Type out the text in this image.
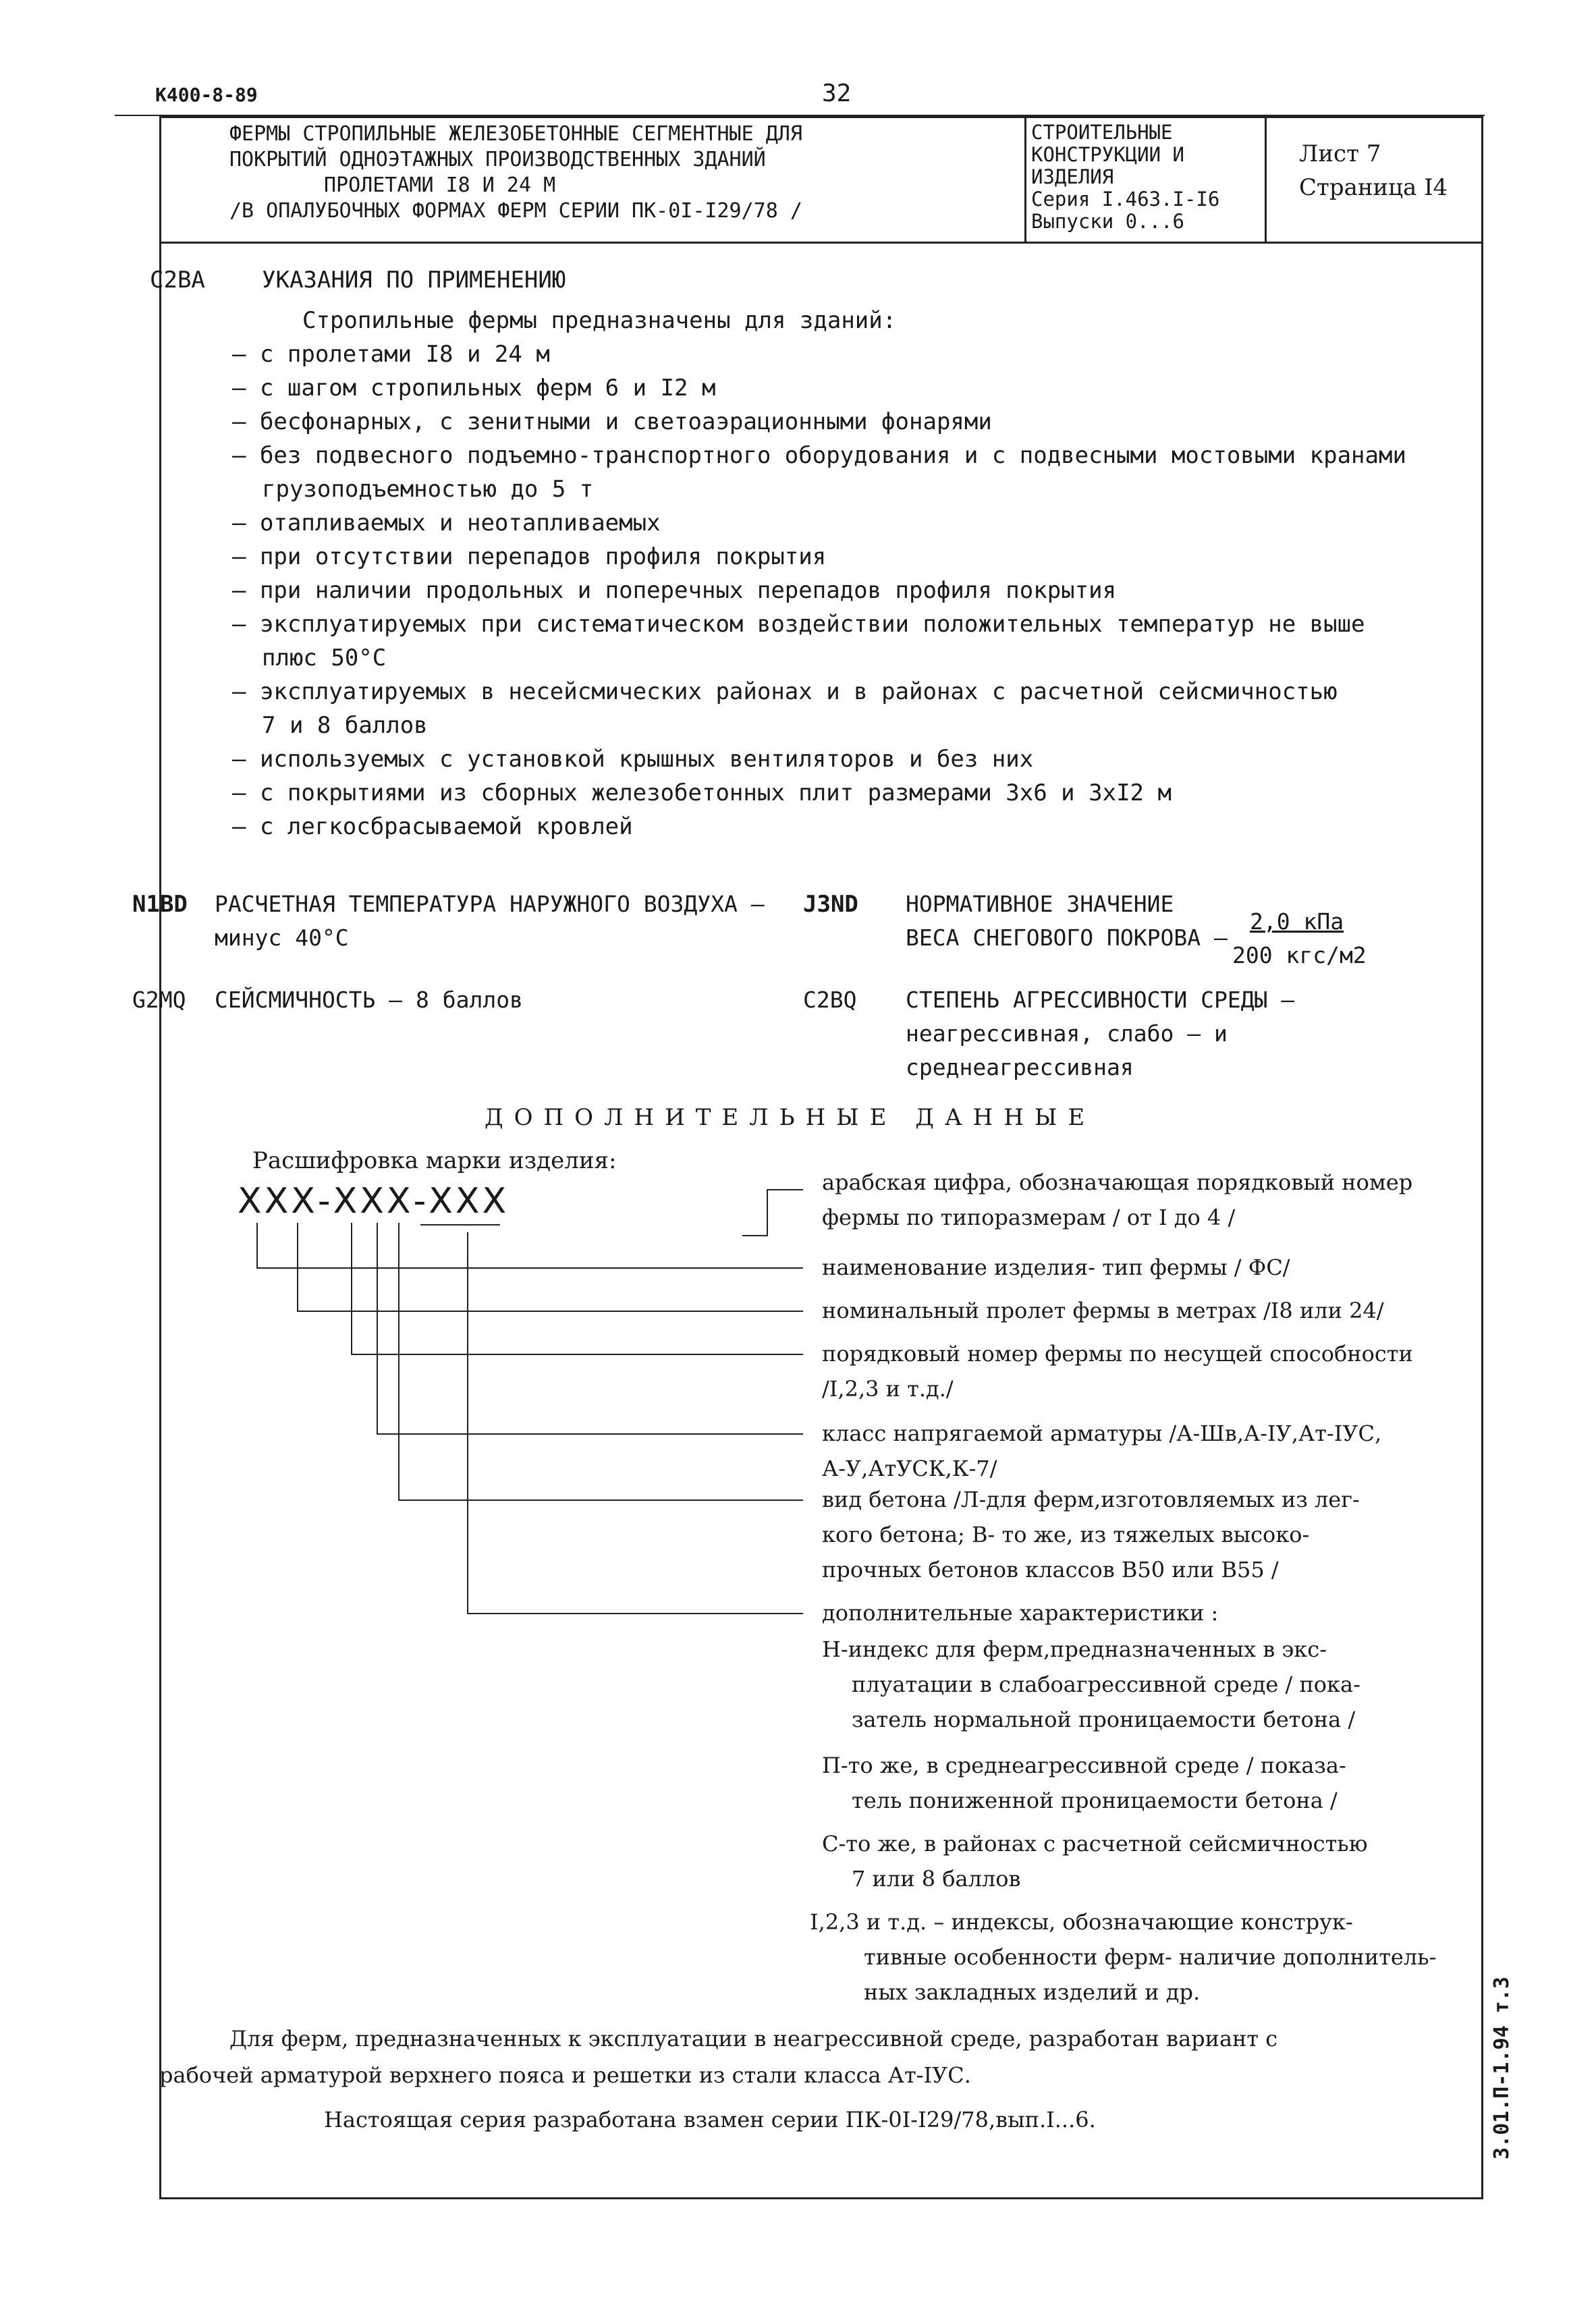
К400-8-89	32
ФЕРМЫ СТРОПИЛЬНЫЕ ЖЕЛЕЗОБЕТОННЫЕ СЕГМЕНТНЫЕ ДЛЯ
ПОКРЫТИЙ ОДНОЭТАЖНЫХ ПРОИЗВОДСТВЕННЫХ ЗДАНИЙ
ПРОЛЕТАМИ I8 И 24 М
/В ОПАЛУБОЧНЫХ ФОРМАХ ФЕРМ СЕРИИ ПК-0I-I29/78 /
СТРОИТЕЛЬНЫЕ
КОНСТРУКЦИИ И
ИЗДЕЛИЯ
Серия I.463.I-I6
Выпуски 0...6
Лист 7
Страница I4
C2BA УКАЗАНИЯ ПО ПРИМЕНЕНИЮ
Стропильные фермы предназначены для зданий:
– с пролетами I8 и 24 м
– с шагом стропильных ферм 6 и I2 м
– бесфонарных, с зенитными и светоаэрационными фонарями
– без подвесного подъемно-транспортного оборудования и с подвесными мостовыми кранами
грузоподъемностью до 5 т
– отапливаемых и неотапливаемых
– при отсутствии перепадов профиля покрытия
– при наличии продольных и поперечных перепадов профиля покрытия
– эксплуатируемых при систематическом воздействии положительных температур не выше
плюс 50°C
– эксплуатируемых в несейсмических районах и в районах с расчетной сейсмичностью
7 и 8 баллов
– используемых с установкой крышных вентиляторов и без них
– с покрытиями из сборных железобетонных плит размерами 3х6 и 3хI2 м
– с легкосбрасываемой кровлей
N1BD РАСЧЕТНАЯ ТЕМПЕРАТУРА НАРУЖНОГО ВОЗДУХА –
минус 40°С
J3ND НОРМАТИВНОЕ ЗНАЧЕНИЕ
ВЕСА СНЕГОВОГО ПОКРОВА –
2,0 кПа
200 кгс/м2
G2MQ СЕЙСМИЧНОСТЬ – 8 баллов	C2BQ СТЕПЕНЬ АГРЕССИВНОСТИ СРЕДЫ –
неагрессивная, слабо – и
среднеагрессивная
ДОПОЛНИТЕЛЬНЫЕ ДАННЫЕ
Расшифровка марки изделия:
ХХХ-ХХХ-ХХХ	арабская цифра, обозначающая порядковый номер
фермы по типоразмерам / от I до 4 /
наименование изделия- тип фермы / ФС/
номинальный пролет фермы в метрах /I8 или 24/
порядковый номер фермы по несущей способности
/I,2,3 и т.д./
класс напрягаемой арматуры /А-Шв,А-IУ,Ат-IУС,
А-У,АтУСК,К-7/
вид бетона /Л-для ферм,изготовляемых из лег-
кого бетона; В- то же, из тяжелых высоко-
прочных бетонов классов В50 или В55 /
дополнительные характеристики :
Н-индекс для ферм,предназначенных в экс-
плуатации в слабоагрессивной среде / пока-
затель нормальной проницаемости бетона /
П-то же, в среднеагрессивной среде / показа-
тель пониженной проницаемости бетона /
С-то же, в районах с расчетной сейсмичностью
7 или 8 баллов
I,2,3 и т.д. – индексы, обозначающие конструк-
тивные особенности ферм- наличие дополнитель-
ных закладных изделий и др.
Для ферм, предназначенных к эксплуатации в неагрессивной среде, разработан вариант с
рабочей арматурой верхнего пояса и решетки из стали класса Ат-IУС.
Настоящая серия разработана взамен серии ПК-0I-I29/78,вып.I...6.	3.01.П-1.94 т.3
